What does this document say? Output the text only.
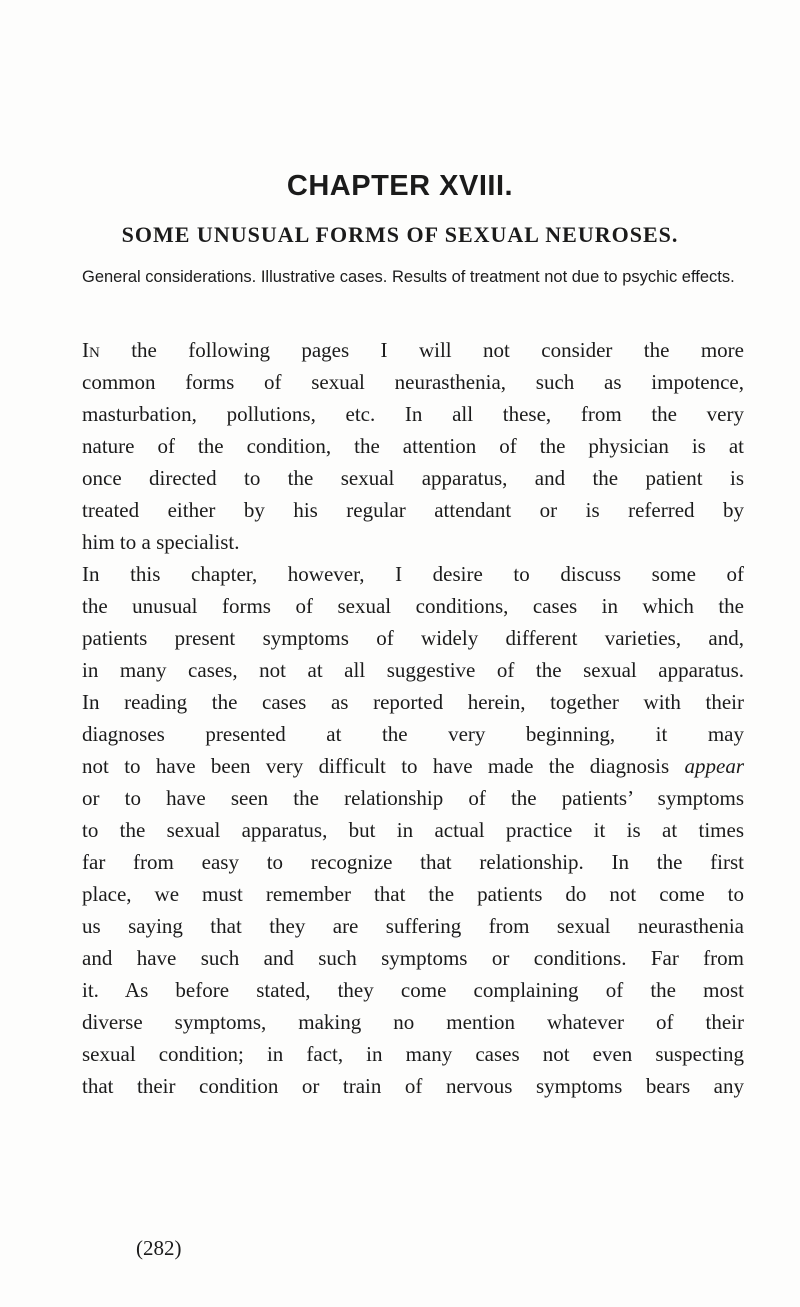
CHAPTER XVIII.
SOME UNUSUAL FORMS OF SEXUAL NEUROSES.

General considerations. Illustrative cases. Results of treatment not due to psychic effects.

In the following pages I will not consider the more
common forms of sexual neurasthenia, such as impotence,
masturbation, pollutions, etc. In all these, from the very
nature of the condition, the attention of the physician is at
once directed to the sexual apparatus, and the patient is
treated either by his regular attendant or is referred by
him to a specialist.
In this chapter, however, I desire to discuss some of
the unusual forms of sexual conditions, cases in which the
patients present symptoms of widely different varieties, and,
in many cases, not at all suggestive of the sexual apparatus.
In reading the cases as reported herein, together with their
diagnoses presented at the very beginning, it may
not to have been very difficult to have made the diagnosis appear
or to have seen the relationship of the patients’ symptoms
to the sexual apparatus, but in actual practice it is at times
far from easy to recognize that relationship. In the first
place, we must remember that the patients do not come to
us saying that they are suffering from sexual neurasthenia
and have such and such symptoms or conditions. Far from
it. As before stated, they come complaining of the most
diverse symptoms, making no mention whatever of their
sexual condition; in fact, in many cases not even suspecting
that their condition or train of nervous symptoms bears any

(282)
